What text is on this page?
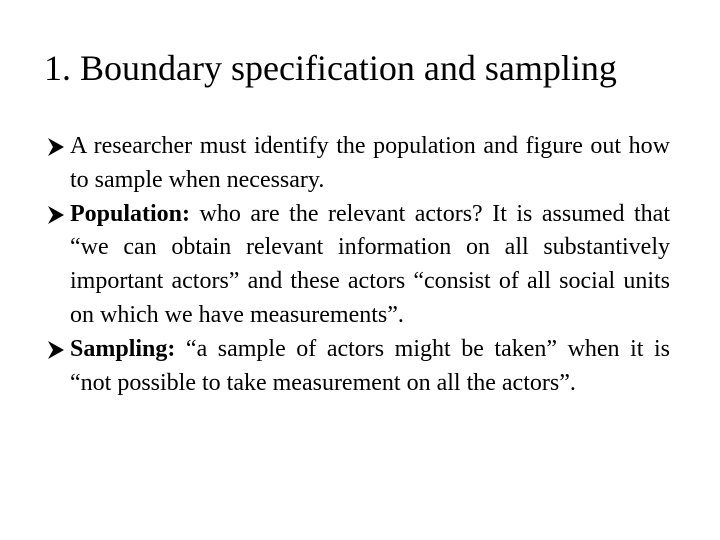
1. Boundary specification and sampling
A researcher must identify the population and figure out how to sample when necessary.
Population: who are the relevant actors? It is assumed that “we can obtain relevant information on all substantively important actors” and these actors “consist of all social units on which we have measurements”.
Sampling: “a sample of actors might be taken” when it is “not possible to take measurement on all the actors”.
